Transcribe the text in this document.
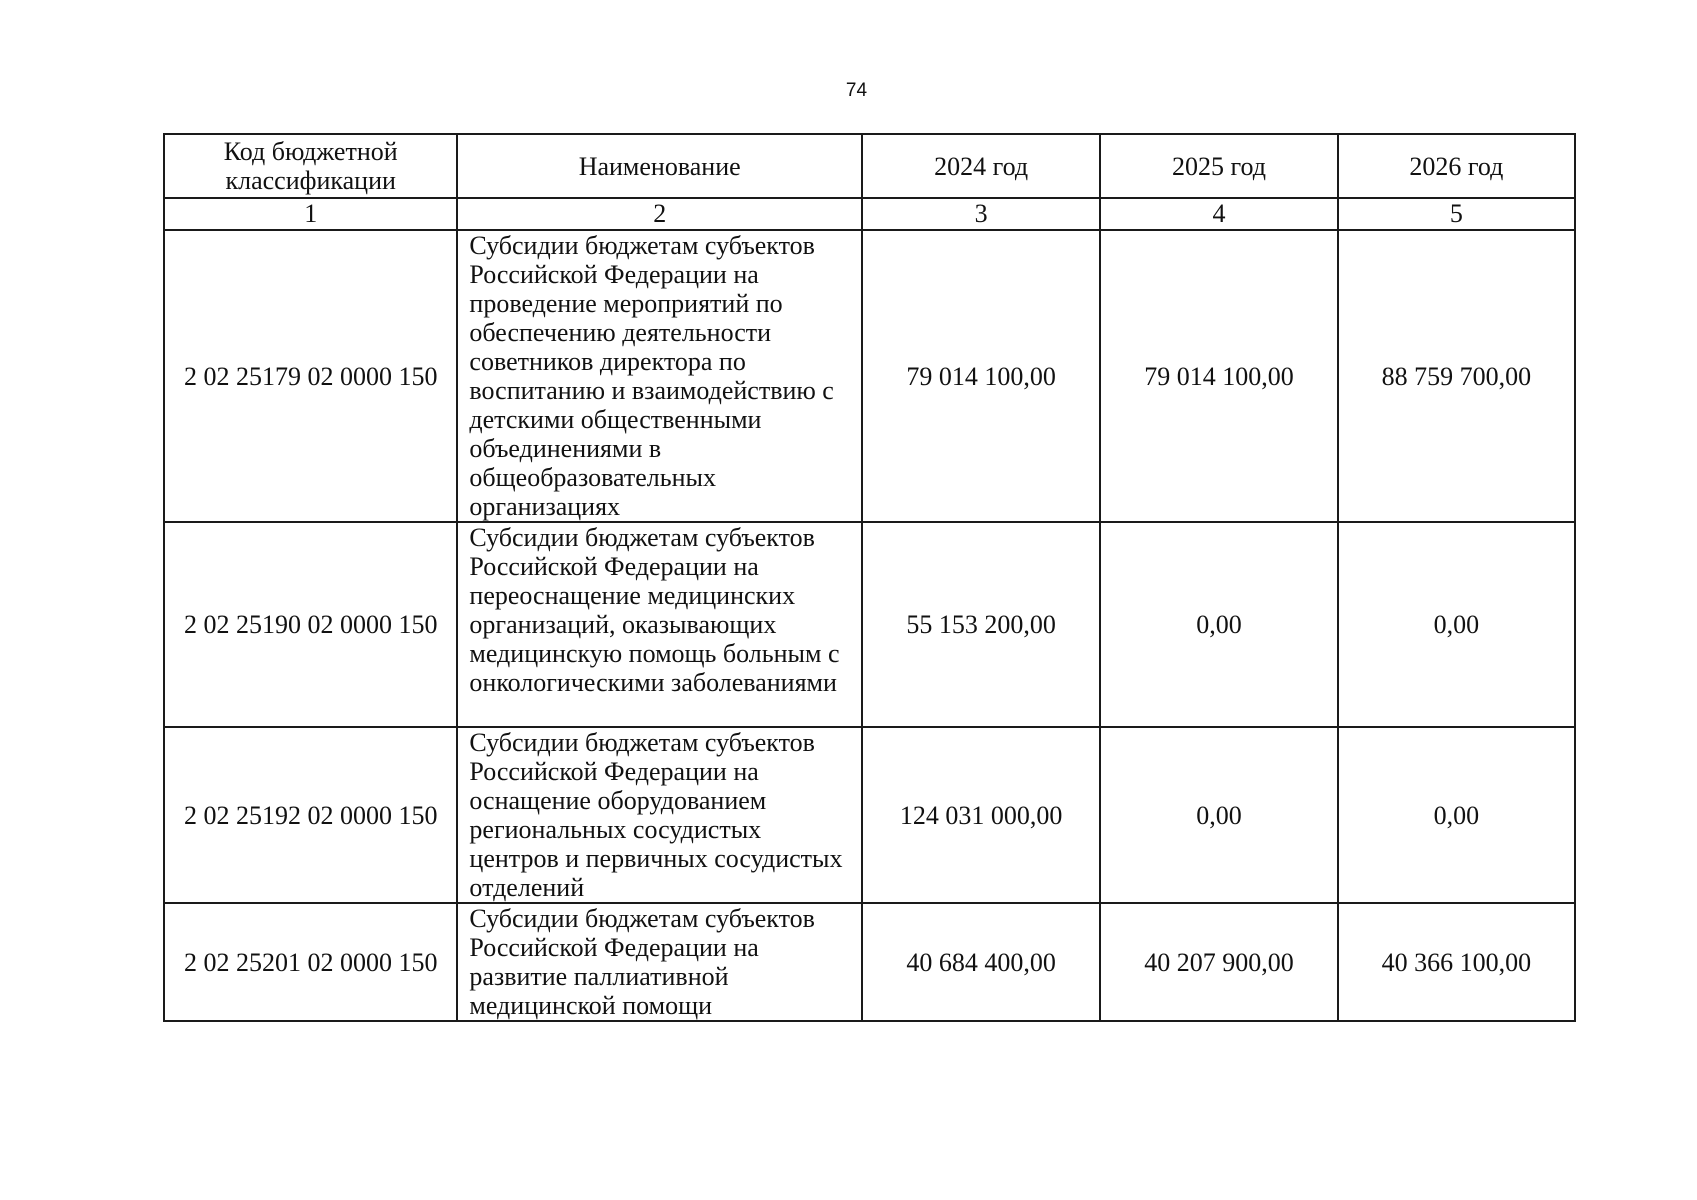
74
Код бюджетной классификации	Наименование	2024 год	2025 год	2026 год
1	2	3	4	5
2 02 25179 02 0000 150	Субсидии бюджетам субъектов Российской Федерации на проведение мероприятий по обеспечению деятельности советников директора по воспитанию и взаимодействию с детскими общественными объединениями в общеобразовательных организациях	79 014 100,00	79 014 100,00	88 759 700,00
2 02 25190 02 0000 150	Субсидии бюджетам субъектов Российской Федерации на переоснащение медицинских организаций, оказывающих медицинскую помощь больным с онкологическими заболеваниями	55 153 200,00	0,00	0,00
2 02 25192 02 0000 150	Субсидии бюджетам субъектов Российской Федерации на оснащение оборудованием региональных сосудистых центров и первичных сосудистых отделений	124 031 000,00	0,00	0,00
2 02 25201 02 0000 150	Субсидии бюджетам субъектов Российской Федерации на развитие паллиативной медицинской помощи	40 684 400,00	40 207 900,00	40 366 100,00
